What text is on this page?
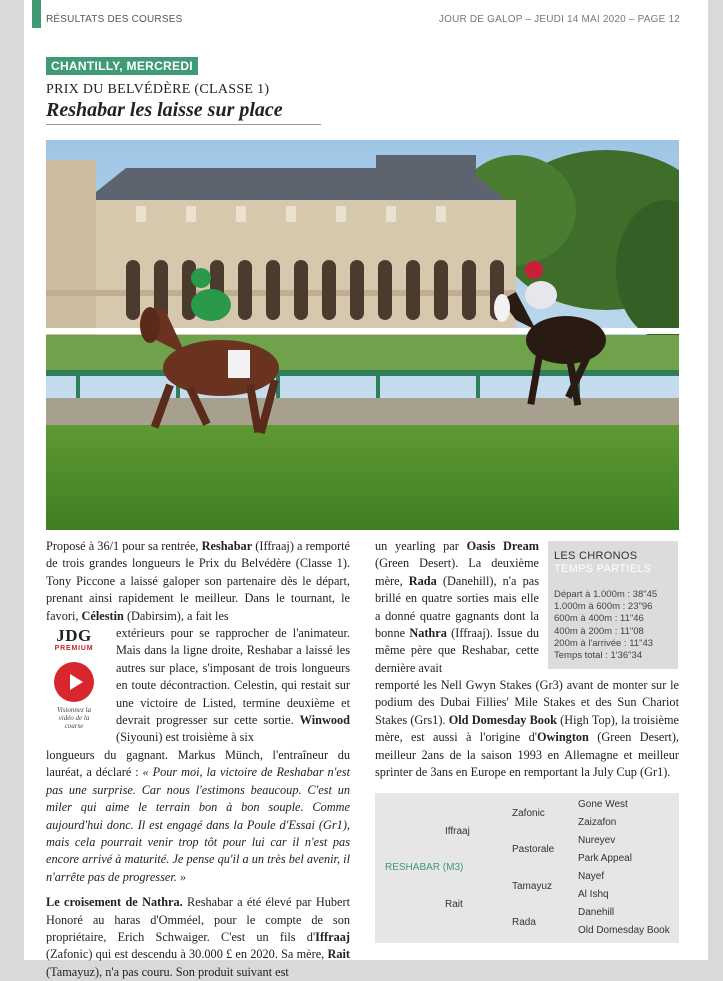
RÉSULTATS DES COURSES	JOUR DE GALOP – JEUDI 14 MAI 2020 – PAGE 12
CHANTILLY, MERCREDI
PRIX DU BELVÉDÈRE (CLASSE 1)
Reshabar les laisse sur place

Proposé à 36/1 pour sa rentrée, Reshabar (Iffraaj) a remporté de trois grandes longueurs le Prix du Belvédère (Classe 1). Tony Piccone a laissé galoper son partenaire dès le départ, prenant ainsi rapidement le meilleur. Dans le tournant, le favori, Célestin (Dabirsim), a fait les

extérieurs pour se rapprocher de l'animateur. Mais dans la ligne droite, Reshabar a laissé les autres sur place, s'imposant de trois longueurs en toute décontraction. Celestin, qui restait sur une victoire de Listed, termine deuxième et devrait progresser sur cette sortie. Winwood (Siyouni) est troisième à six

longueurs du gagnant. Markus Münch, l'entraîneur du lauréat, a déclaré : « Pour moi, la victoire de Reshabar n'est pas une surprise. Car nous l'estimons beaucoup. C'est un miler qui aime le terrain bon à bon souple. Comme aujourd'hui donc. Il est engagé dans la Poule d'Essai (Gr1), mais cela pourrait venir trop tôt pour lui car il n'est pas encore arrivé à maturité. Je pense qu'il a un très bel avenir, il n'arrête pas de progresser. »

Le croisement de Nathra. Reshabar a été élevé par Hubert Honoré au haras d'Omméel, pour le compte de son propriétaire, Erich Schwaiger. C'est un fils d'Iffraaj (Zafonic) qui est descendu à 30.000 £ en 2020. Sa mère, Rait (Tamayuz), n'a pas couru. Son produit suivant est

JDG
PREMIUM
Visionnez la vidéo de la course

un yearling par Oasis Dream (Green Desert). La deuxième mère, Rada (Danehill), n'a pas brillé en quatre sorties mais elle a donné quatre gagnants dont la bonne Nathra (Iffraaj). Issue du même père que Reshabar, cette dernière avait

remporté les Nell Gwyn Stakes (Gr3) avant de monter sur le podium des Dubai Fillies' Mile Stakes et des Sun Chariot Stakes (Grs1). Old Domesday Book (High Top), la troisième mère, est aussi à l'origine d'Owington (Green Desert), meilleur 2ans de la saison 1993 en Allemagne et meilleur sprinter de 3ans en Europe en remportant la July Cup (Gr1).

LES CHRONOS
TEMPS PARTIELS
Départ à 1.000m : 38"45
1.000m à 600m : 23"96
600m à 400m : 11"46
400m à 200m : 11"08
200m à l'arrivée : 11"43
Temps total : 1'36"34
RESHABAR (M3)
Iffraaj
Rait
Zafonic
Pastorale
Tamayuz
Rada
Gone West
Zaizafon
Nureyev
Park Appeal
Nayef
Al Ishq
Danehill
Old Domesday Book
